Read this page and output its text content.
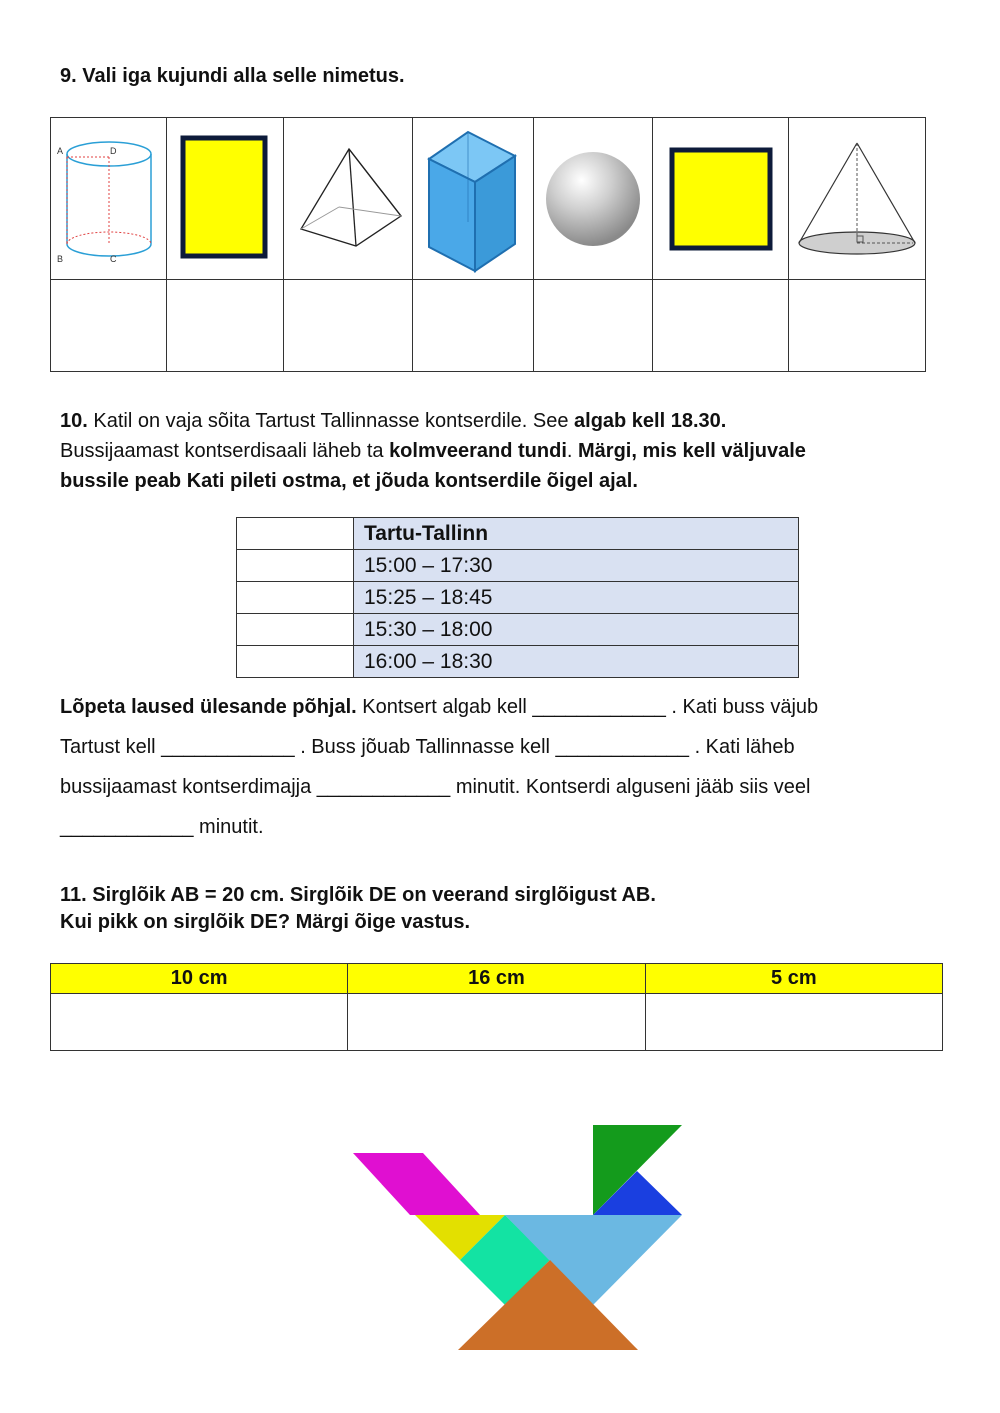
9. Vali iga kujundi alla selle nimetus.
A D
B C

10. Katil on vaja sõita Tartust Tallinnasse kontserdile. See algab kell 18.30.
Bussijaamast kontserdisaali läheb ta kolmveerand tundi. Märgi, mis kell väljuvale
bussile peab Kati pileti ostma, et jõuda kontserdile õigel ajal.
	Tartu-Tallinn
	15:00 – 17:30
	15:25 – 18:45
	15:30 – 18:00
	16:00 – 18:30
Lõpeta laused ülesande põhjal. Kontsert algab kell ____________ . Kati buss väjub
Tartust kell ____________ . Buss jõuab Tallinnasse kell ____________ . Kati läheb
bussijaamast kontserdimajja ____________ minutit. Kontserdi alguseni jääb siis veel
____________ minutit.
11. Sirglõik AB = 20 cm. Sirglõik DE on veerand sirglõigust AB.
Kui pikk on sirglõik DE? Märgi õige vastus.
10 cm	16 cm	5 cm
